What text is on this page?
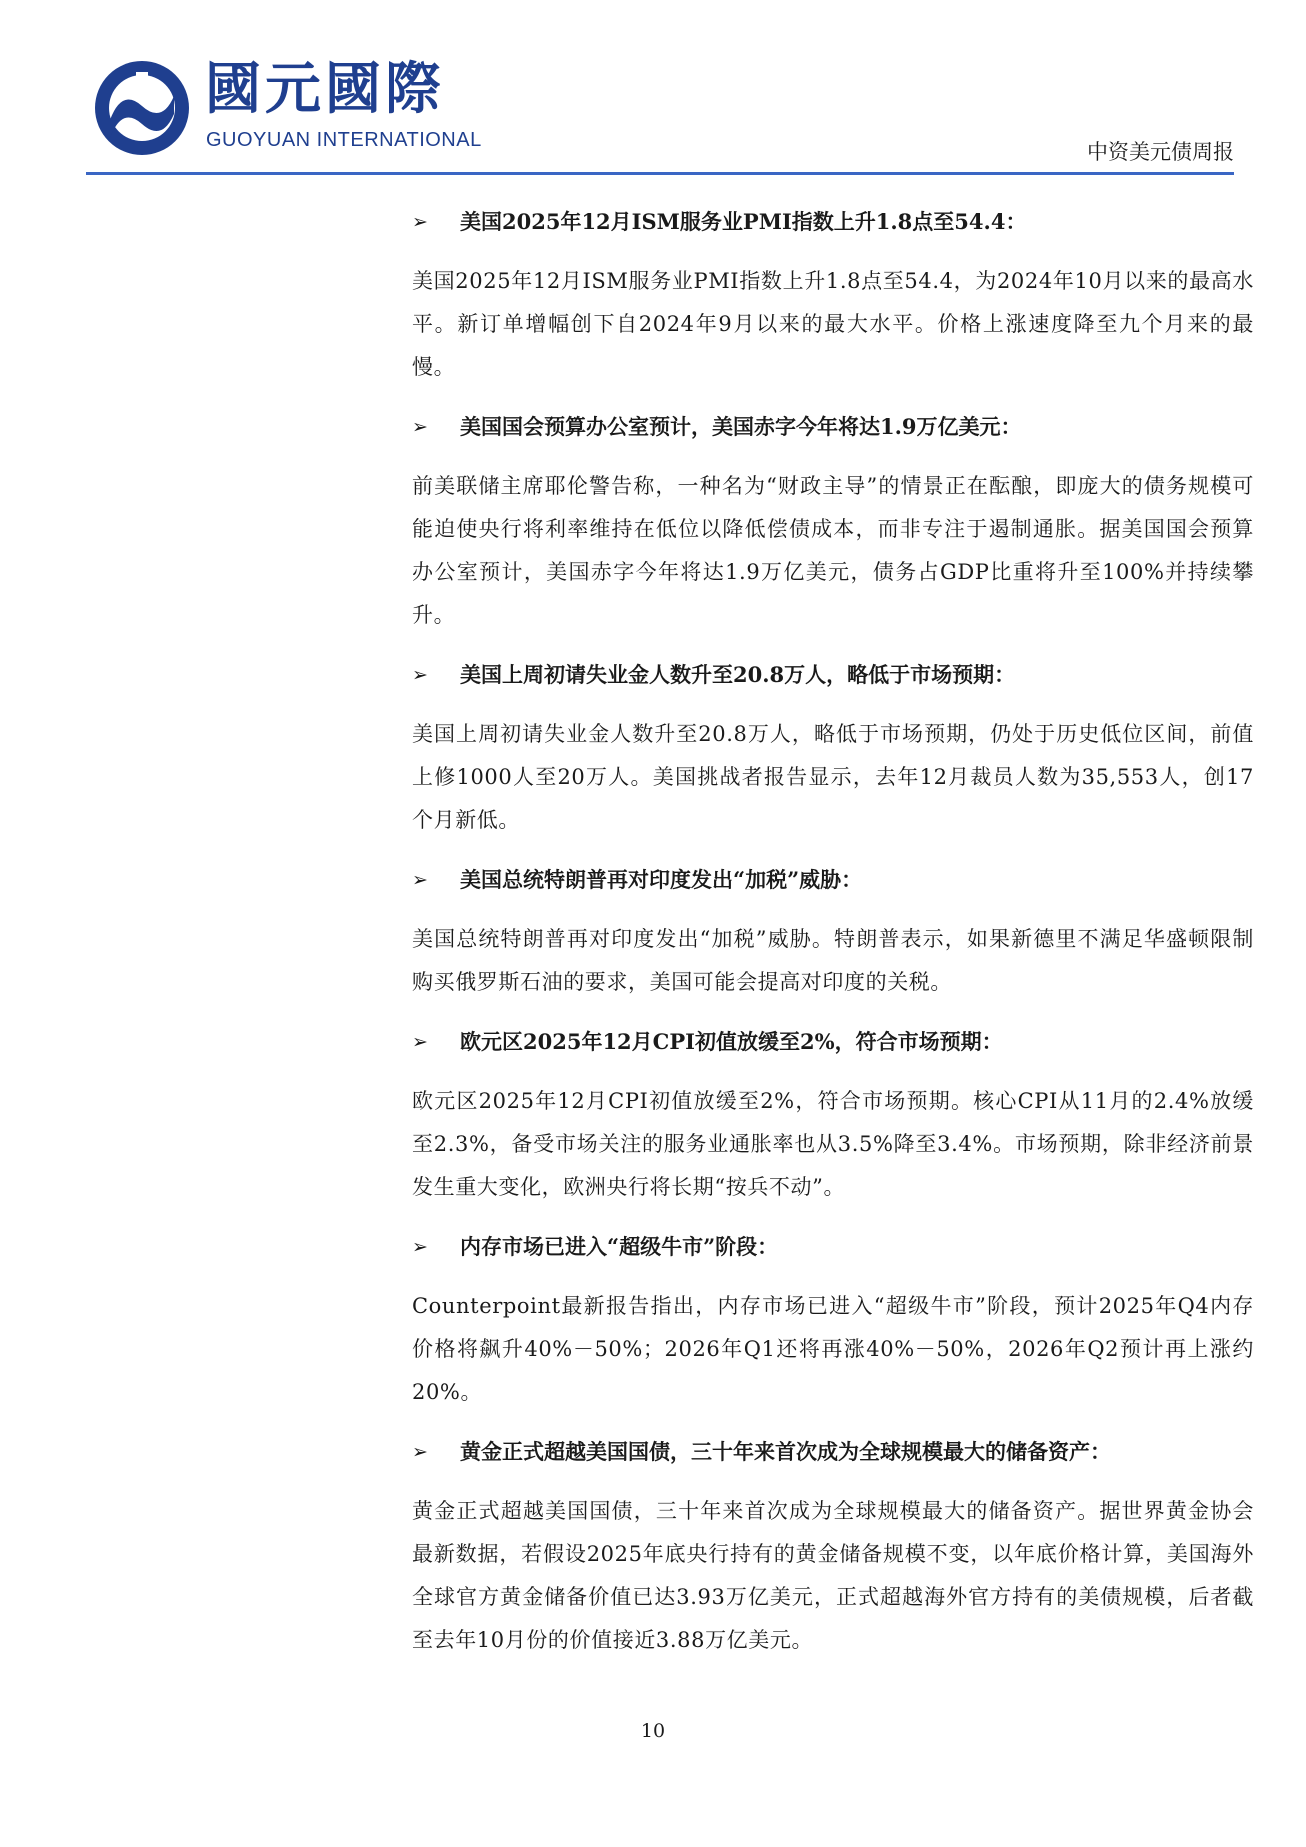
國元國際
GUOYUAN INTERNATIONAL	中资美元债周报
➢ 美国2025年12月ISM服务业PMI指数上升1.8点至54.4：

美国2025年12月ISM服务业PMI指数上升1.8点至54.4，为2024年10月以来的最高水平。新订单增幅创下自2024年9月以来的最大水平。价格上涨速度降至九个月来的最慢。

➢ 美国国会预算办公室预计，美国赤字今年将达1.9万亿美元：

前美联储主席耶伦警告称，一种名为“财政主导”的情景正在酝酿，即庞大的债务规模可能迫使央行将利率维持在低位以降低偿债成本，而非专注于遏制通胀。据美国国会预算办公室预计，美国赤字今年将达1.9万亿美元，债务占GDP比重将升至100%并持续攀升。

➢ 美国上周初请失业金人数升至20.8万人，略低于市场预期：

美国上周初请失业金人数升至20.8万人，略低于市场预期，仍处于历史低位区间，前值上修1000人至20万人。美国挑战者报告显示，去年12月裁员人数为35,553人，创17个月新低。

➢ 美国总统特朗普再对印度发出“加税”威胁：

美国总统特朗普再对印度发出“加税”威胁。特朗普表示，如果新德里不满足华盛顿限制购买俄罗斯石油的要求，美国可能会提高对印度的关税。

➢ 欧元区2025年12月CPI初值放缓至2%，符合市场预期：

欧元区2025年12月CPI初值放缓至2%，符合市场预期。核心CPI从11月的2.4%放缓至2.3%，备受市场关注的服务业通胀率也从3.5%降至3.4%。市场预期，除非经济前景发生重大变化，欧洲央行将长期“按兵不动”。

➢ 内存市场已进入“超级牛市”阶段：

Counterpoint最新报告指出，内存市场已进入“超级牛市”阶段，预计2025年Q4内存价格将飙升40%－50%；2026年Q1还将再涨40%－50%，2026年Q2预计再上涨约20%。

➢ 黄金正式超越美国国债，三十年来首次成为全球规模最大的储备资产：

黄金正式超越美国国债，三十年来首次成为全球规模最大的储备资产。据世界黄金协会最新数据，若假设2025年底央行持有的黄金储备规模不变，以年底价格计算，美国海外全球官方黄金储备价值已达3.93万亿美元，正式超越海外官方持有的美债规模，后者截至去年10月份的价值接近3.88万亿美元。

10
